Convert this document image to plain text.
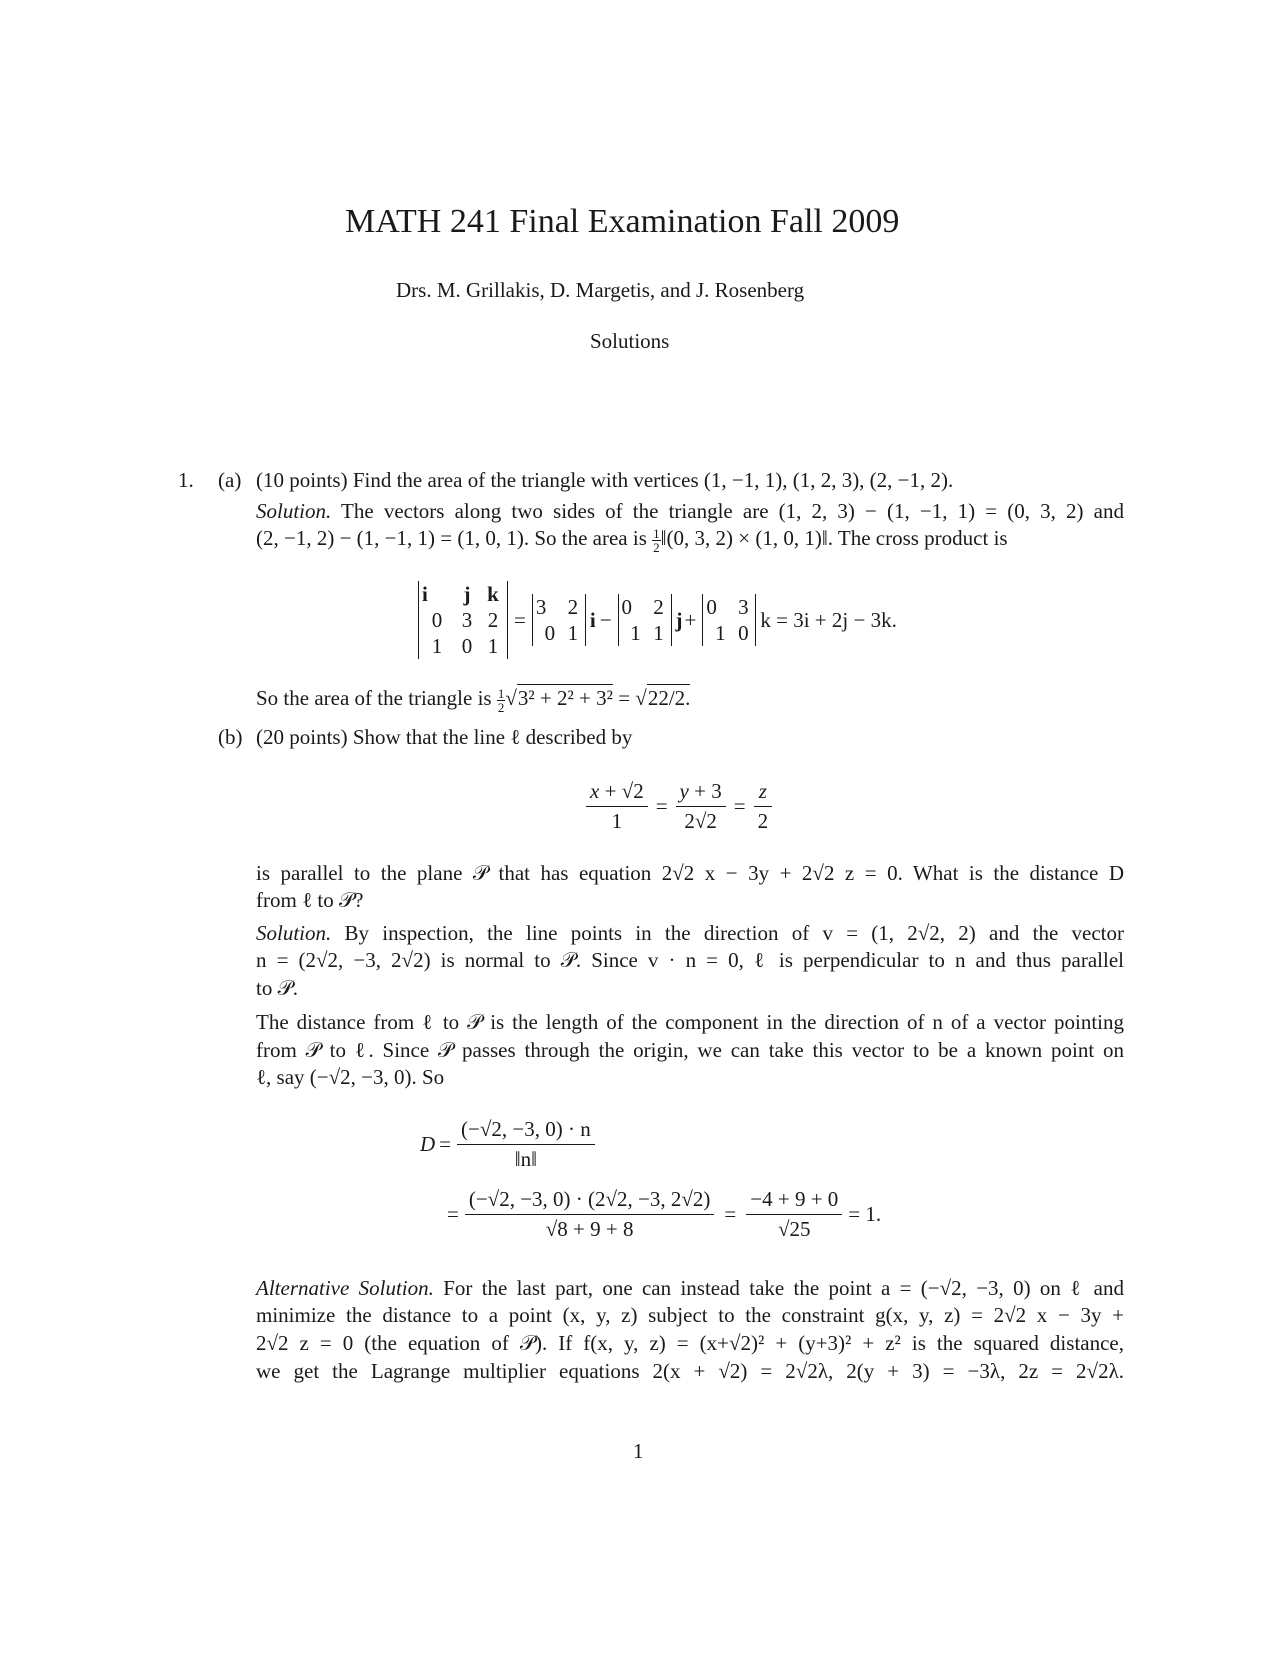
MATH 241 Final Examination Fall 2009
Drs. M. Grillakis, D. Margetis, and J. Rosenberg
Solutions
1. (a) (10 points) Find the area of the triangle with vertices (1, −1, 1), (1, 2, 3), (2, −1, 2).
Solution. The vectors along two sides of the triangle are (1, 2, 3) − (1, −1, 1) = (0, 3, 2) and
(2, −1, 2) − (1, −1, 1) = (1, 0, 1). So the area is $\frac{1}{2}$ ‖(0, 3, 2) × (1, 0, 1)‖. The cross product is
i	j k
0 3 2
1 0 1
=
3	2
0 1
i −
0	2
1 1
j +
0	3
1 0
k = 3i + 2j − 3k.
So the area of the triangle is $\frac{1}{2} √3^2 + 2^2 + 3^2 = √22/2$.
(b) (20 points) Show that the line ℓ described by
$\frac{x + √2}{1} = \frac{y + 3}{2√2} = \frac{z}{2}$
is parallel to the plane 𝒫 that has equation 2√2 x − 3y + 2√2 z = 0. What is the distance D
from ℓ to 𝒫?
Solution. By inspection, the line points in the direction of v = (1, 2√2, 2) and the vector
n = (2√2, −3, 2√2) is normal to 𝒫. Since v · n = 0, ℓ is perpendicular to n and thus parallel
to 𝒫.
The distance from ℓ to 𝒫 is the length of the component in the direction of n of a vector pointing
from 𝒫 to ℓ. Since 𝒫 passes through the origin, we can take this vector to be a known point on
ℓ, say (−√2, −3, 0). So
$D = \frac{(-√2, -3, 0) \cdot n}{‖n‖}$
= $\frac{(-√2, -3, 0) \cdot (2√2, -3, 2√2)}{√8 + 9 + 8} = \frac{-4 + 9 + 0}{√25} = 1$.
Alternative Solution. For the last part, one can instead take the point a = (−√2, −3, 0) on ℓ and
minimize the distance to a point (x, y, z) subject to the constraint g(x, y, z) = 2√2 x − 3y +
2√2 z = 0 (the equation of 𝒫). If f(x, y, z) = (x+√2)² + (y+3)² + z² is the squared distance,
we get the Lagrange multiplier equations 2(x + √2) = 2√2λ, 2(y + 3) = −3λ, 2z = 2√2λ.
1
